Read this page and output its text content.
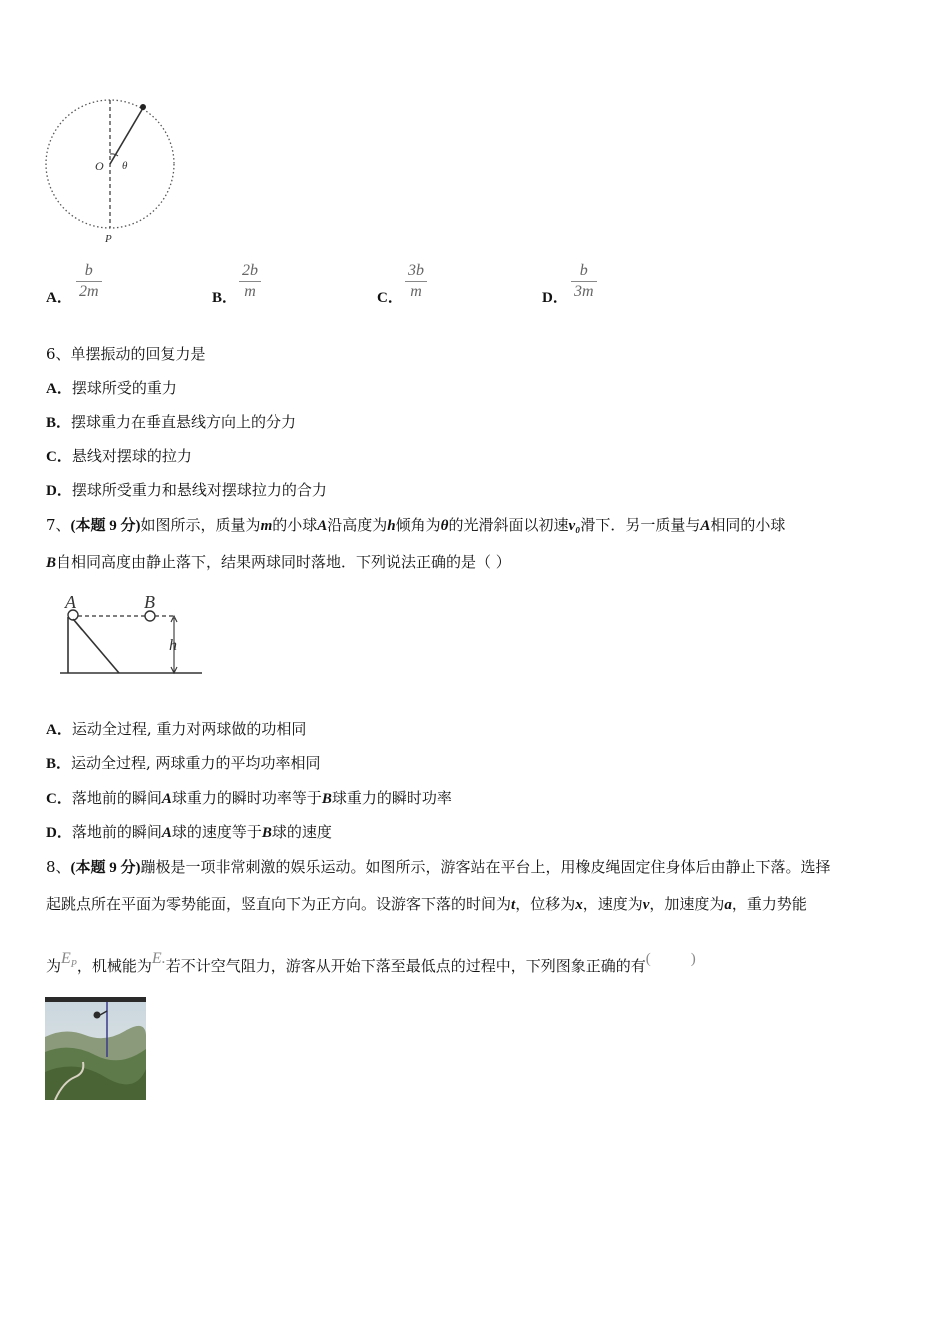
O θ
P
A．
b
2m	B．
2b
m	C．
3b
m	D．
b
3m
6、单摆振动的回复力是
A．摆球所受的重力
B．摆球重力在垂直悬线方向上的分力
C．悬线对摆球的拉力
D．摆球所受重力和悬线对摆球拉力的合力
7、(本题 9 分)如图所示，质量为m的小球A沿高度为h倾角为θ的光滑斜面以初速v₀滑下．另一质量与A相同的小球
B自相同高度由静止落下，结果两球同时落地．下列说法正确的是（ ）
A	B
h
A．运动全过程, 重力对两球做的功相同
B．运动全过程, 两球重力的平均功率相同
C．落地前的瞬间A球重力的瞬时功率等于B球重力的瞬时功率
D．落地前的瞬间A球的速度等于B球的速度
8、(本题 9 分)蹦极是一项非常刺激的娱乐运动。如图所示，游客站在平台上，用橡皮绳固定住身体后由静止下落。选择
起跳点所在平面为零势能面，竖直向下为正方向。设游客下落的时间为t，位移为x，速度为v，加速度为a，重力势能
为$E_P$，机械能为E.若不计空气阻力，游客从开始下落至最低点的过程中，下列图象正确的有(	)
